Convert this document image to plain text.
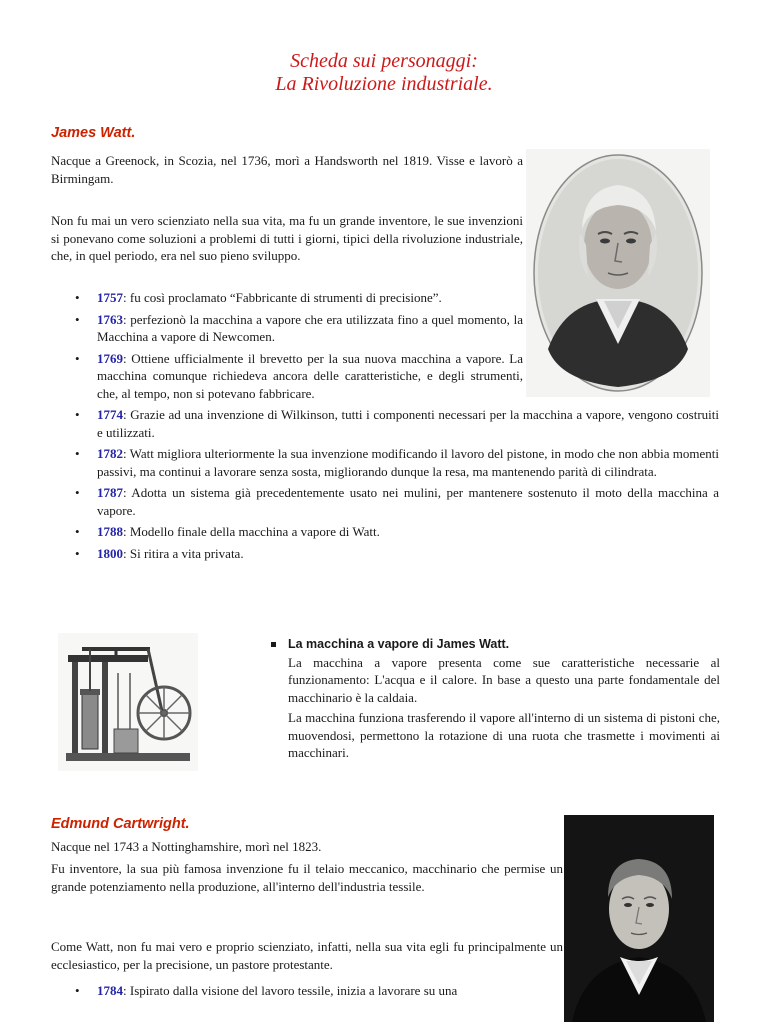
Scheda sui personaggi:
La Rivoluzione industriale.
James Watt.

Nacque a Greenock, in Scozia, nel 1736, morì a Handsworth nel 1819. Visse e lavorò a Birmingam.

Non fu mai un vero scienziato nella sua vita, ma fu un grande inventore, le sue invenzioni si ponevano come soluzioni a problemi di tutti i giorni, tipici della rivoluzione industriale, che, in quel periodo, era nel suo pieno sviluppo.

• 1757: fu così proclamato “Fabbricante di strumenti di precisione”.
• 1763: perfezionò la macchina a vapore che era utilizzata fino a quel momento, la Macchina a vapore di Newcomen.
• 1769: Ottiene ufficialmente il brevetto per la sua nuova macchina a vapore. La macchina comunque richiedeva ancora delle caratteristiche, e degli strumenti, che, al tempo, non si potevano fabbricare.
• 1774: Grazie ad una invenzione di Wilkinson, tutti i componenti necessari per la macchina a vapore, vengono costruiti e utilizzati.
• 1782: Watt migliora ulteriormente la sua invenzione modificando il lavoro del pistone, in modo che non abbia momenti passivi, ma continui a lavorare senza sosta, migliorando dunque la resa, ma mantenendo parità di cilindrata.
• 1787: Adotta un sistema già precedentemente usato nei mulini, per mantenere sostenuto il moto della macchina a vapore.
• 1788: Modello finale della macchina a vapore di Watt.
• 1800: Si ritira a vita privata.
La macchina a vapore di James Watt.

La macchina a vapore presenta come sue caratteristiche necessarie al funzionamento: L'acqua e il calore. In base a questo una parte fondamentale del macchinario è la caldaia.

La macchina funziona trasferendo il vapore all'interno di un sistema di pistoni che, muovendosi, permettono la rotazione di una ruota che trasmette i movimenti ai macchinari.

Edmund Cartwright.

Nacque nel 1743 a Nottinghamshire, morì nel 1823.

Fu inventore, la sua più famosa invenzione fu il telaio meccanico, macchinario che permise un grande potenziamento nella produzione, all'interno dell'industria tessile.

Come Watt, non fu mai vero e proprio scienziato, infatti, nella sua vita egli fu principalmente un ecclesiastico, per la precisione, un pastore protestante.

• 1784: Ispirato dalla visione del lavoro tessile, inizia a lavorare su una
